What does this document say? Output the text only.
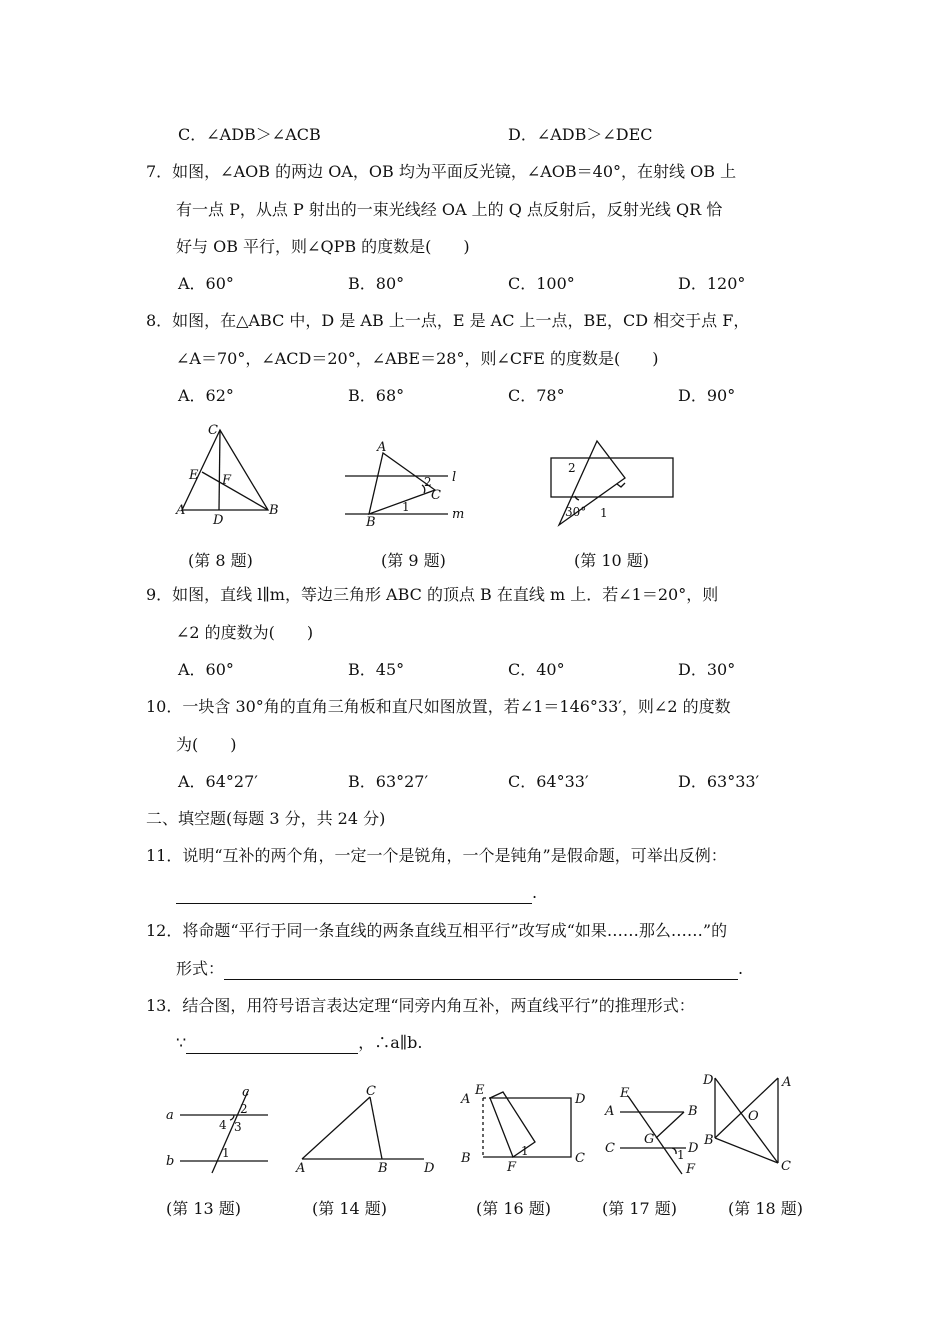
C．∠ADB＞∠ACB	D．∠ADB＞∠DEC
7．如图，∠AOB 的两边 OA，OB 均为平面反光镜，∠AOB＝40°，在射线 OB 上
有一点 P，从点 P 射出的一束光线经 OA 上的 Q 点反射后，反射光线 QR 恰
好与 OB 平行，则∠QPB 的度数是(　　)
A．60°	B．80°	C．100°	D．120°
8．如图，在△ABC 中，D 是 AB 上一点，E 是 AC 上一点，BE，CD 相交于点 F，
∠A＝70°，∠ACD＝20°，∠ABE＝28°，则∠CFE 的度数是(　　)
A．62°	B．68°	C．78°	D．90°
C
E F
A
D
B
(第 8 题)
A
l
2
C
1
B
m
(第 9 题)
2
30° 1
(第 10 题)
9．如图，直线 l∥m，等边三角形 ABC 的顶点 B 在直线 m 上．若∠1＝20°，则
∠2 的度数为(　　)
A．60°	B．45°	C．40°	D．30°
10．一块含 30°角的直角三角板和直尺如图放置，若∠1＝146°33′，则∠2 的度数
为(　　)
A．64°27′	B．63°27′	C．64°33′	D．63°33′
二、填空题(每题 3 分，共 24 分)
11．说明“互补的两个角，一定一个是锐角，一个是钝角”是假命题，可举出反例：
.
12．将命题“平行于同一条直线的两条直线互相平行”改写成“如果……那么……”的
形式：	.
13．结合图，用符号语言表达定理“同旁内角互补，两直线平行”的推理形式：
∵	，∴a∥b.
c
a	2
4 3
b
1
(第 13 题)
C
A	B	D
(第 14 题)
E
A	D
B
F
1	C
(第 16 题)
E
A	B
G
C	D
1
F
(第 17 题)
D	A
O
B
C
(第 18 题)
